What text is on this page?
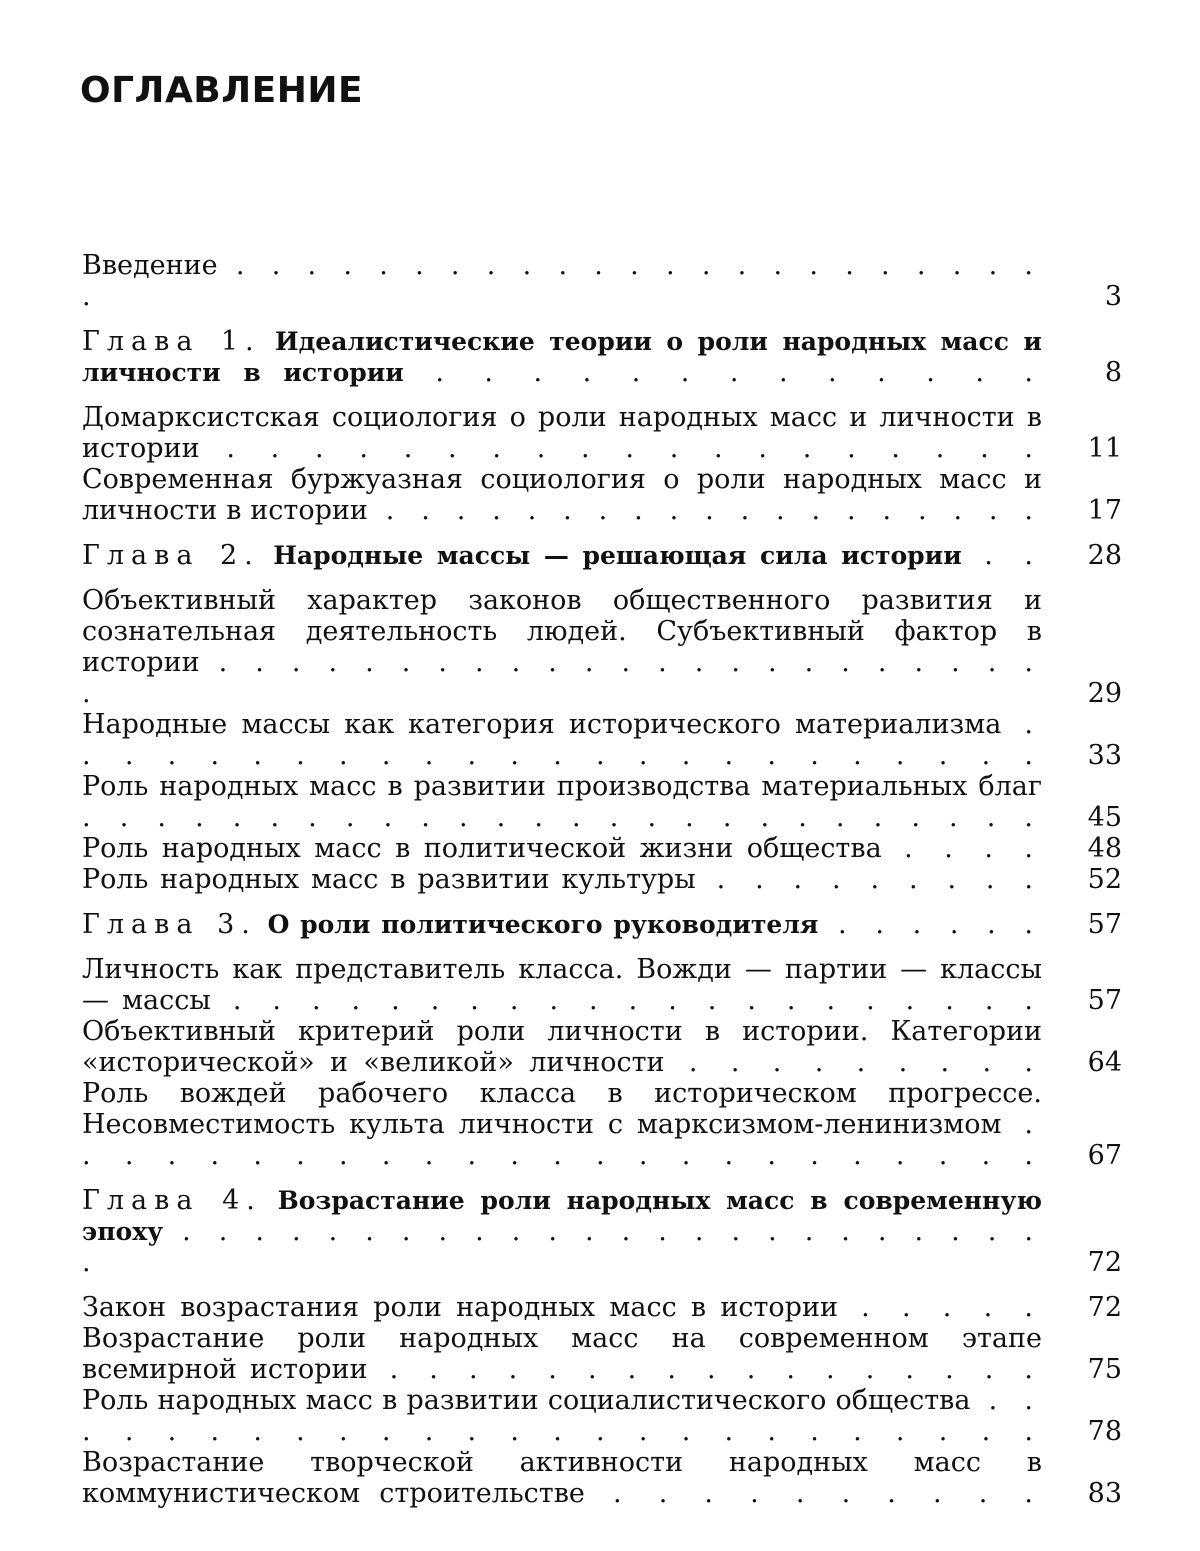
ОГЛАВЛЕНИЕ
Введение . . . . . . . . . . . . . . . . . . . . . . . .	3
Глава 1. Идеалистические теории о роли народных масс и личности в истории . . . . . . . . . . . . .	8
Домарксистская социология о роли народных масс и личности в истории . . . . . . . . . . . . . . . . . . .	11
Современная буржуазная социология о роли народных масс и личности в истории . . . . . . . . . . . . . . . . . . .	17
Глава 2. Народные массы — решающая сила истории . .	28
Объективный характер законов общественного развития и сознательная деятельность людей. Субъективный фактор в истории . . . . . . . . . . . . . . . . . . . . . . . .	29
Народные массы как категория исторического материализма . . . . . . . . . . . . . . . . . . . . . . . .	33
Роль народных масс в развитии производства материальных благ . . . . . . . . . . . . . . . . . . . . . . . . . .	45
Роль народных масс в политической жизни общества . . . .	48
Роль народных масс в развитии культуры . . . . . . . . .	52
Глава 3. О роли политического руководителя . . . . . .	57
Личность как представитель класса. Вожди — партии — классы — массы . . . . . . . . . . . . . . . . . . . . .	57
Объективный критерий роли личности в истории. Категории «исторической» и «великой» личности . . . . . . . . .	64
Роль вождей рабочего класса в историческом прогрессе. Несовместимость культа личности с марксизмом-ленинизмом . . . . . . . . . . . . . . . . . . . . . . . .	67
Глава 4. Возрастание роли народных масс в современную эпоху . . . . . . . . . . . . . . . . . . . . . . . . .	72
Закон возрастания роли народных масс в истории . . . . .	72
Возрастание роли народных масс на современном этапе всемирной истории . . . . . . . . . . . . . . . . .	75
Роль народных масс в развитии социалистического общества . . . . . . . . . . . . . . . . . . . . . . . . .	78
Возрастание творческой активности народных масс в коммунистическом строительстве . . . . . . . . . .	83
